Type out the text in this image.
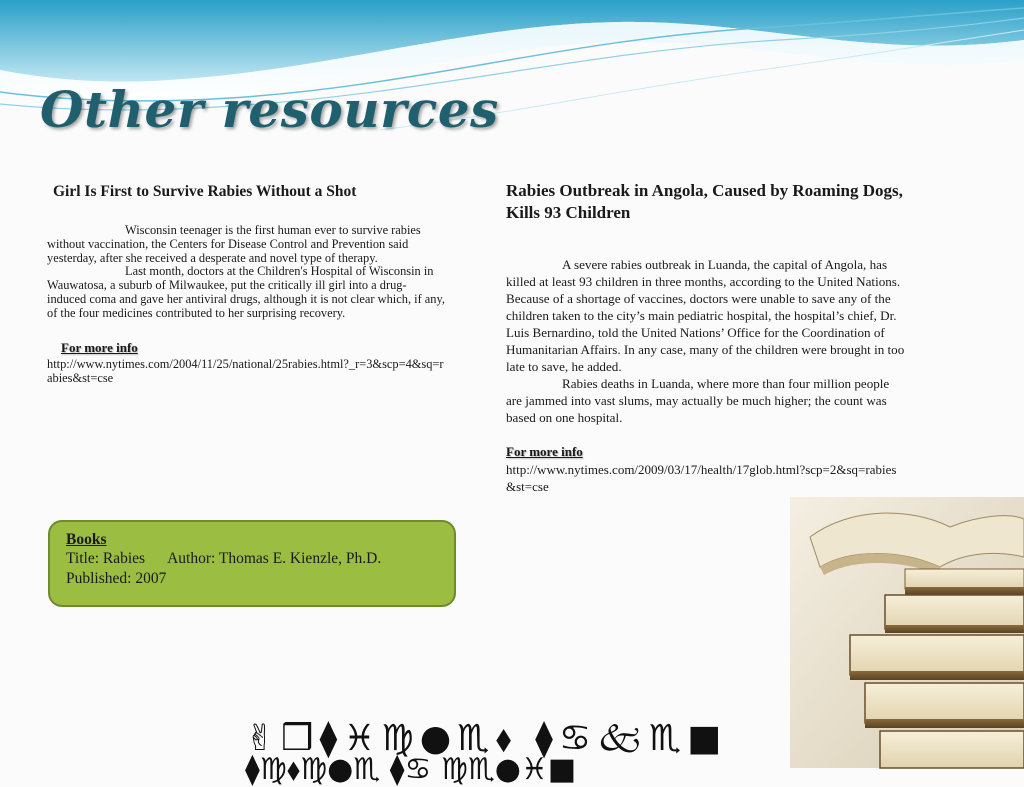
Other resources

Girl Is First to Survive Rabies Without a Shot

Wisconsin teenager is the first human ever to survive rabies without vaccination, the Centers for Disease Control and Prevention said yesterday, after she received a desperate and novel type of therapy.

Last month, doctors at the Children's Hospital of Wisconsin in Wauwatosa, a suburb of Milwaukee, put the critically ill girl into a drug-induced coma and gave her antiviral drugs, although it is not clear which, if any, of the four medicines contributed to her surprising recovery.

For more info
http://www.nytimes.com/2004/11/25/national/25rabies.html?_r=3&scp=4&sq=rabies&st=cse

Rabies Outbreak in Angola, Caused by Roaming Dogs, Kills 93 Children

A severe rabies outbreak in Luanda, the capital of Angola, has killed at least 93 children in three months, according to the United Nations. Because of a shortage of vaccines, doctors were unable to save any of the children taken to the city’s main pediatric hospital, the hospital’s chief, Dr. Luis Bernardino, told the United Nations’ Office for the Coordination of Humanitarian Affairs. In any case, many of the children were brought in too late to save, he added.

Rabies deaths in Luanda, where more than four million people are jammed into vast slums, may actually be much higher; the count was based on one hospital.

For more info
http://www.nytimes.com/2009/03/17/health/17glob.html?scp=2&sq=rabies&st=cse
Books
Title: Rabies Author: Thomas E. Kienzle, Ph.D.
Published: 2007
✌❒⧫♓♍●♏⬧ ⧫♋🙵♏■
⧫♍⬧♍●♏ ⧫♋ ♍♏●♓■
